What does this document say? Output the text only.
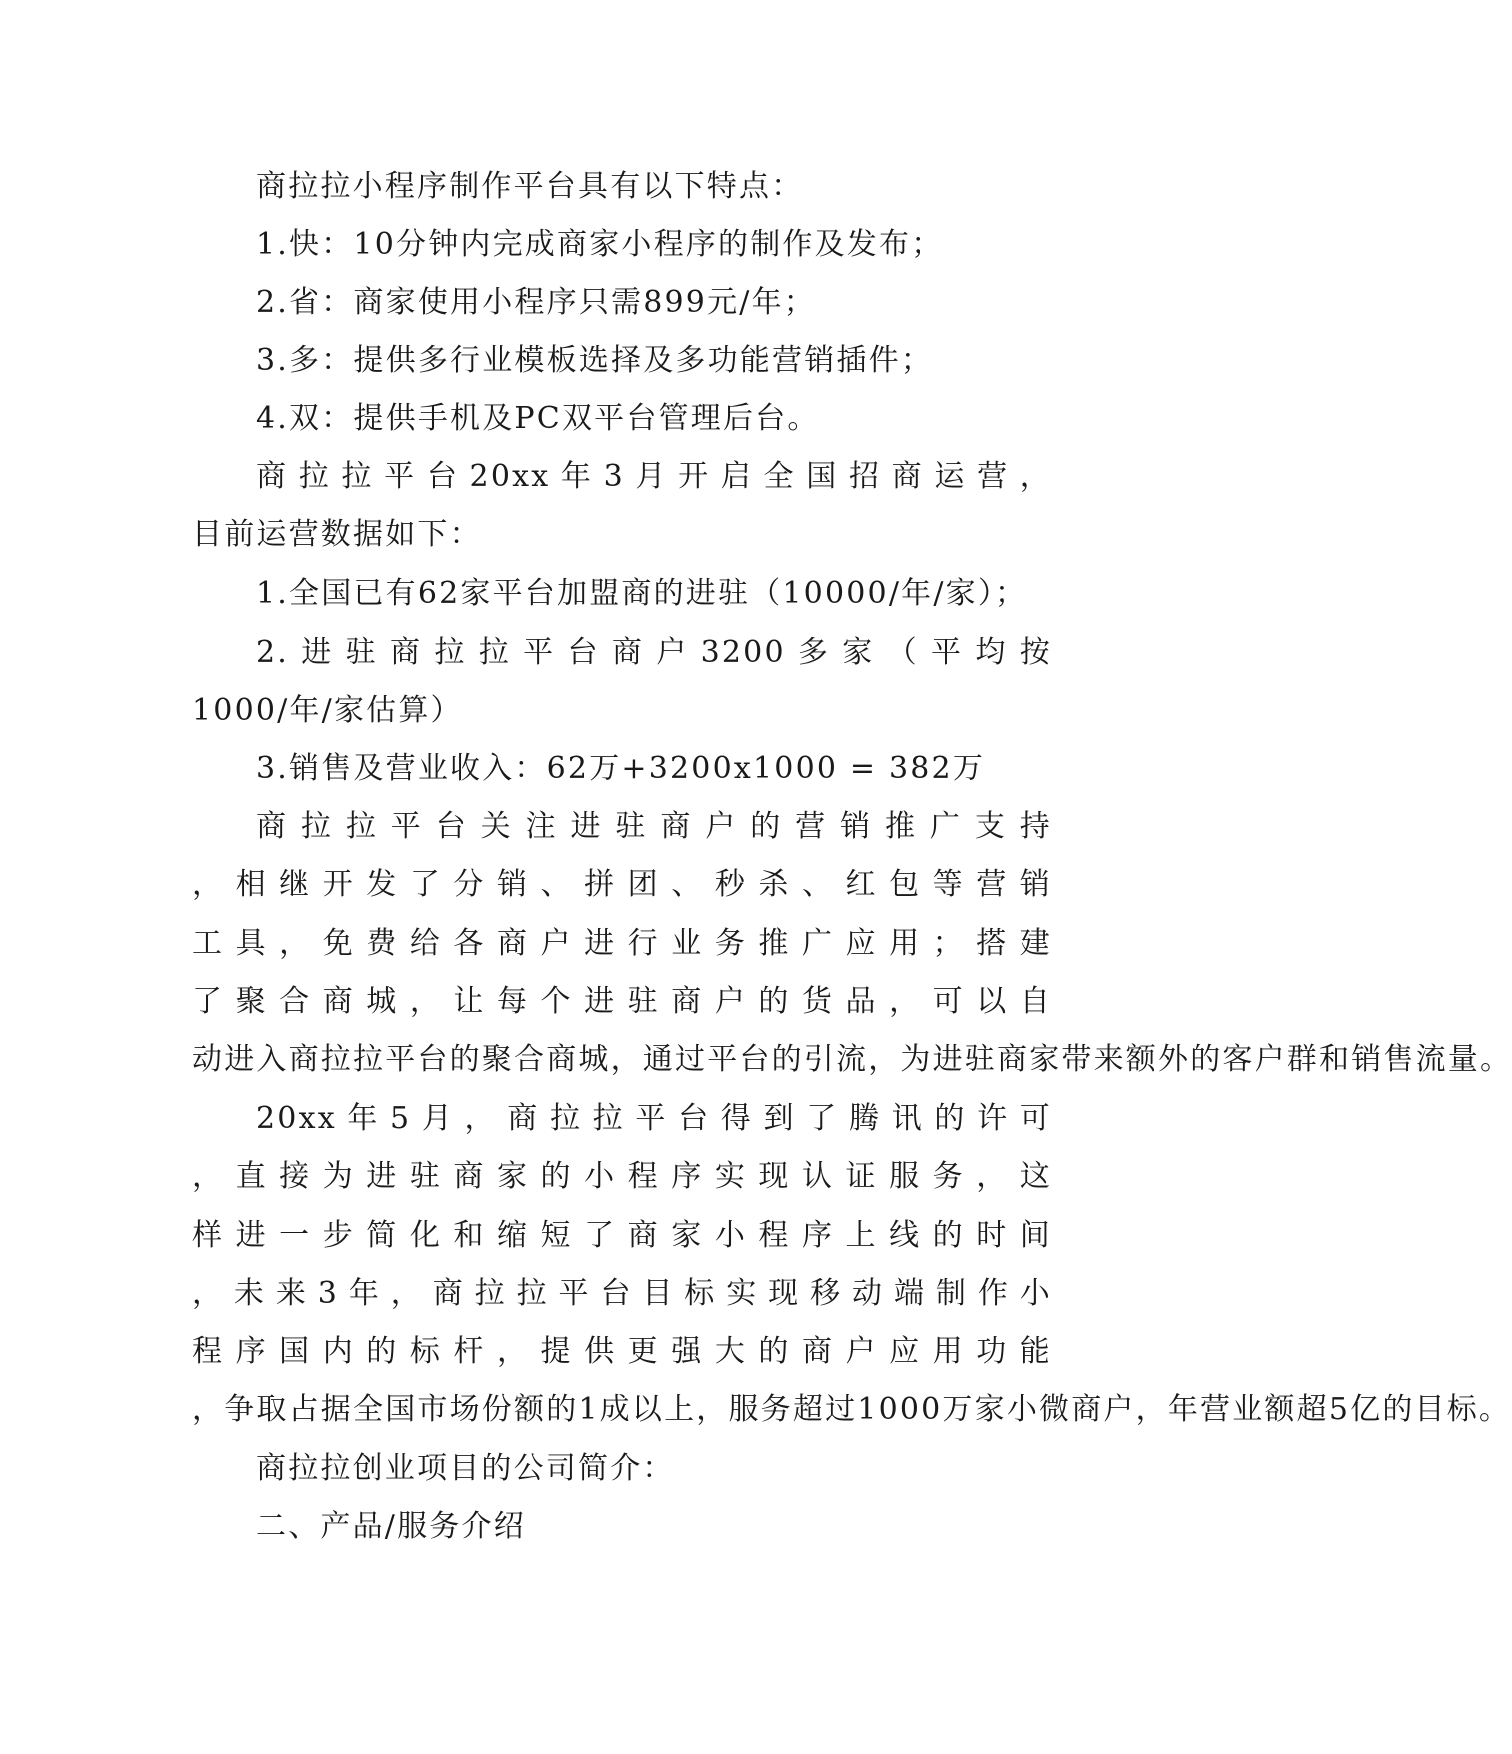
商拉拉小程序制作平台具有以下特点：

1.快：10分钟内完成商家小程序的制作及发布；

2.省：商家使用小程序只需899元/年；

3.多：提供多行业模板选择及多功能营销插件；

4.双：提供手机及PC双平台管理后台。

商拉拉平台20xx年3月开启全国招商运营，
目前运营数据如下：

1.全国已有62家平台加盟商的进驻（10000/年/家）；

2.进驻商拉拉平台商户3200多家（平均按
1000/年/家估算）

3.销售及营业收入：62万+3200x1000 = 382万

商拉拉平台关注进驻商户的营销推广支持
，相继开发了分销、拼团、秒杀、红包等营销
工具，免费给各商户进行业务推广应用；搭建
了聚合商城，让每个进驻商户的货品，可以自
动进入商拉拉平台的聚合商城，通过平台的引流，为进驻商家带来额外的客户群和销售流量。

20xx年5月，商拉拉平台得到了腾讯的许可
，直接为进驻商家的小程序实现认证服务，这
样进一步简化和缩短了商家小程序上线的时间
，未来3年，商拉拉平台目标实现移动端制作小
程序国内的标杆，提供更强大的商户应用功能
，争取占据全国市场份额的1成以上，服务超过1000万家小微商户，年营业额超5亿的目标。

商拉拉创业项目的公司简介：

二、产品/服务介绍
